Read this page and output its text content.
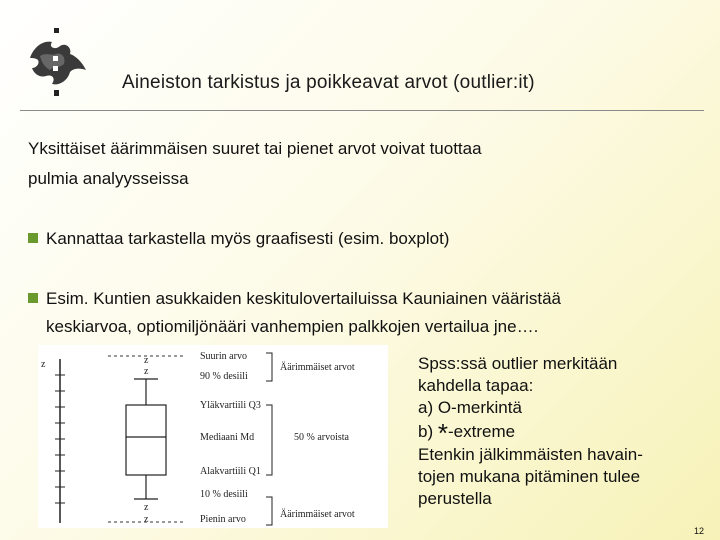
Aineiston tarkistus ja poikkeavat arvot (outlier:it)
Yksittäiset äärimmäisen suuret tai pienet arvot voivat tuottaa
pulmia analyysseissa
Kannattaa tarkastella myös graafisesti (esim. boxplot)
Esim. Kuntien asukkaiden keskitulovertailuissa Kauniainen vääristää
keskiarvoa, optiomiljönääri vanhempien palkkojen vertailua jne….
z	z
z
z
z
Suurin arvo
90 % desiili
Yläkvartiili Q3
Mediaani Md
Alakvartiili Q1
10 % desiili
Pienin arvo
Äärimmäiset arvot
50 % arvoista
Äärimmäiset arvot
Spss:ssä outlier merkitään
kahdella tapaa:
a) O-merkintä
b) *-extreme
Etenkin jälkimmäisten havain-
tojen mukana pitäminen tulee
perustella
12
